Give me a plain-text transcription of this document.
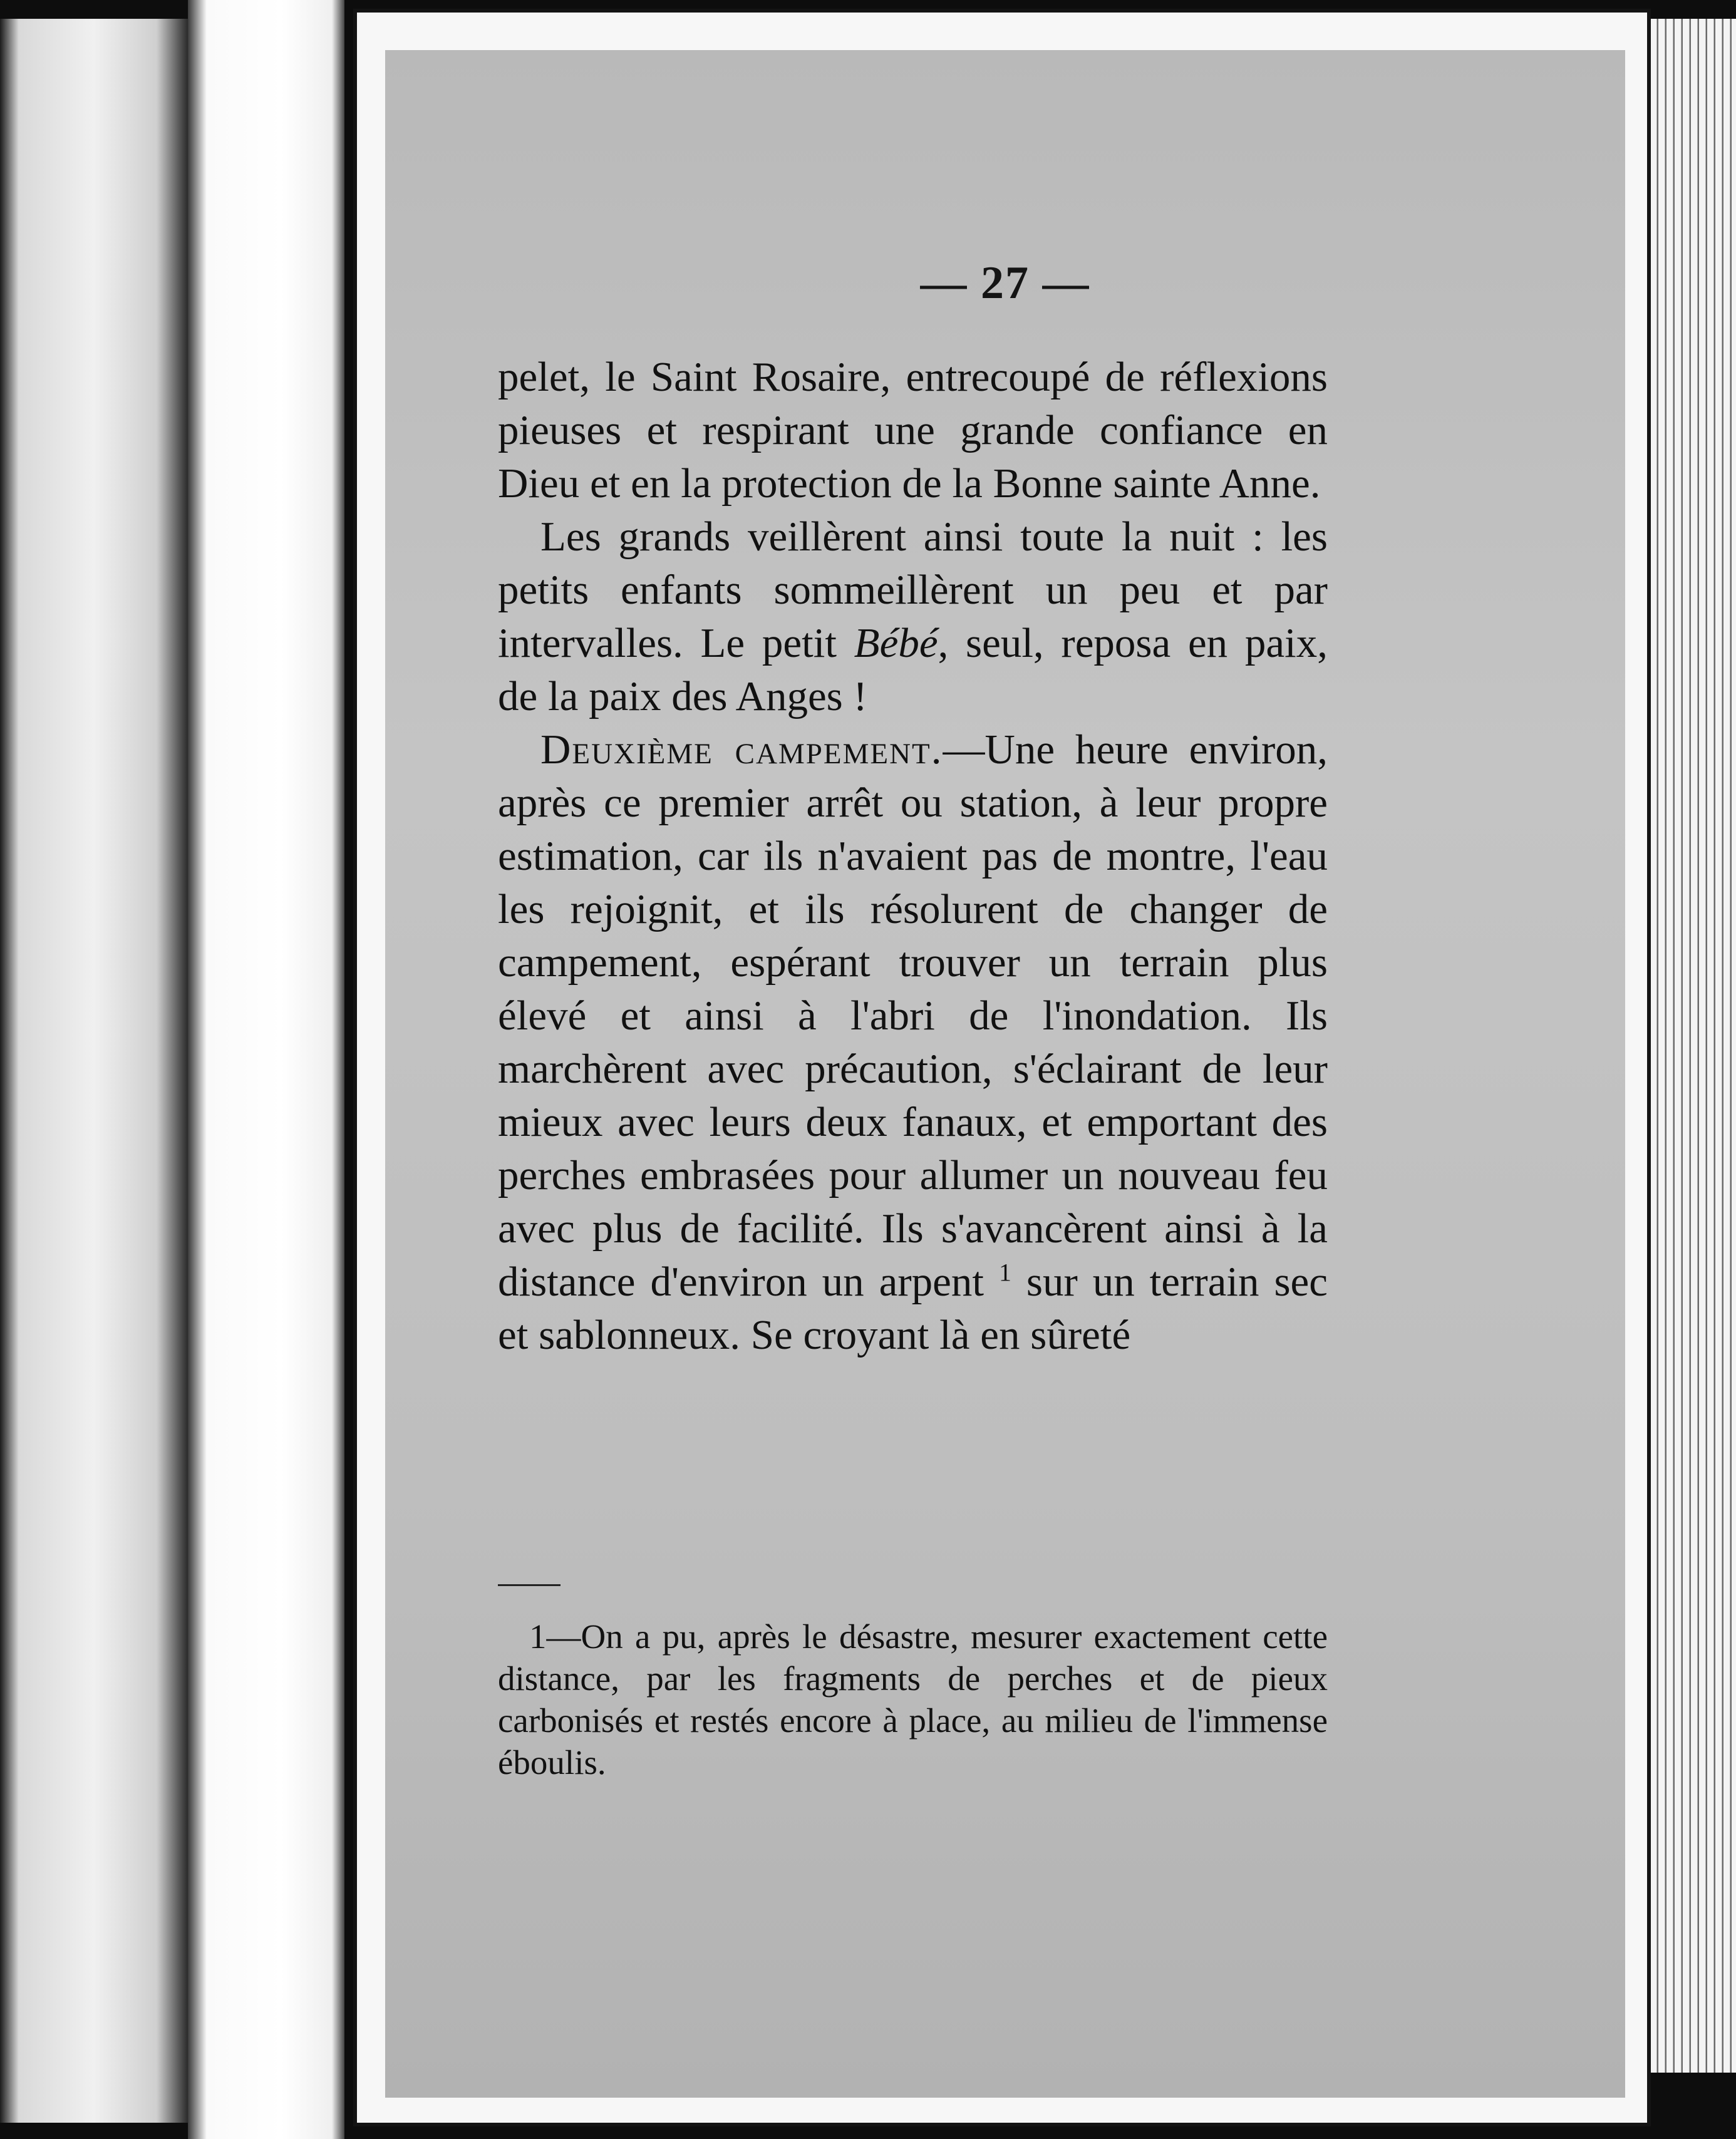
— 27 —

pelet, le Saint Rosaire, entrecoupé de réflexions pieuses et respirant une grande confiance en Dieu et en la protection de la Bonne sainte Anne.

Les grands veillèrent ainsi toute la nuit : les petits enfants sommeillèrent un peu et par intervalles. Le petit Bébé, seul, reposa en paix, de la paix des Anges !

Deuxième campement.—Une heure environ, après ce premier arrêt ou station, à leur propre estimation, car ils n'avaient pas de montre, l'eau les rejoignit, et ils résolurent de changer de campement, espérant trouver un terrain plus élevé et ainsi à l'abri de l'inondation. Ils marchèrent avec précaution, s'éclairant de leur mieux avec leurs deux fanaux, et emportant des perches embrasées pour allumer un nouveau feu avec plus de facilité. Ils s'avancèrent ainsi à la distance d'environ un arpent $^1$ sur un terrain sec et sablonneux. Se croyant là en sûreté

1—On a pu, après le désastre, mesurer exactement cette distance, par les fragments de perches et de pieux carbonisés et restés encore à place, au milieu de l'immense éboulis.
